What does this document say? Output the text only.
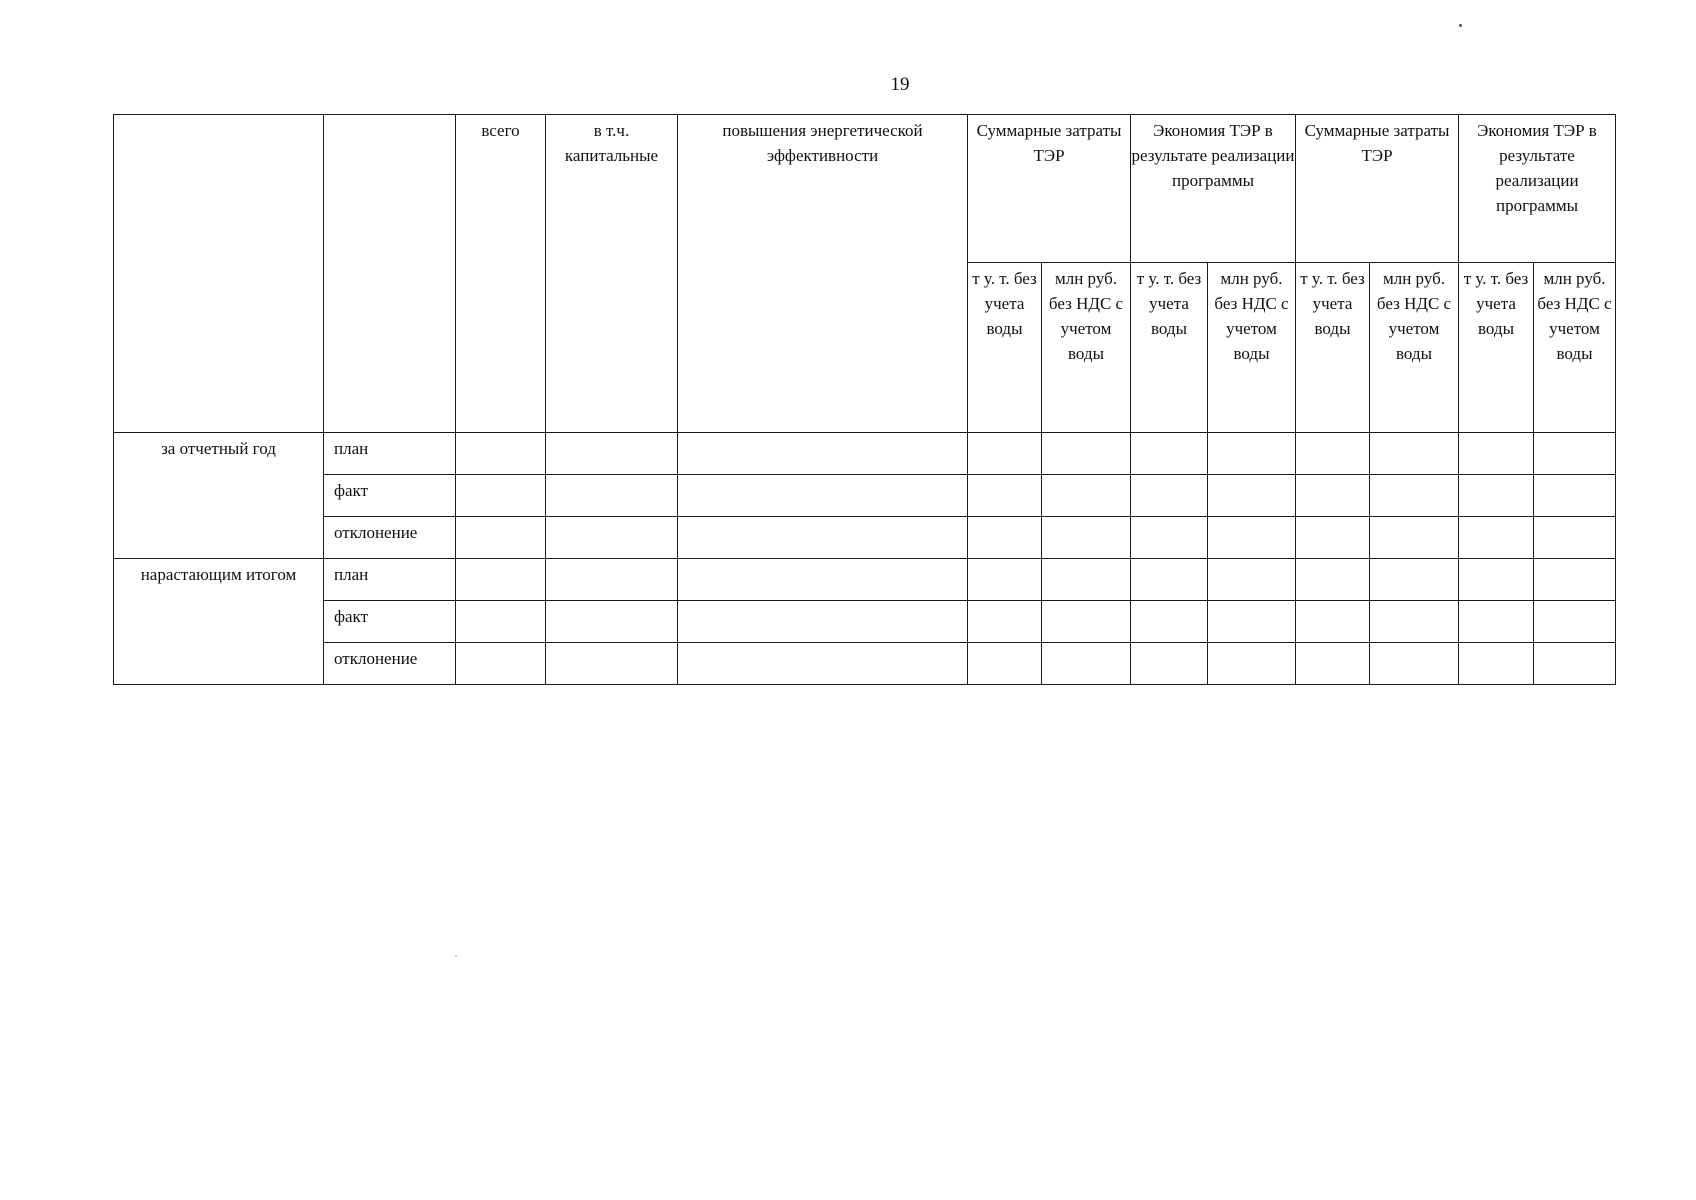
19
		всего	в т.ч. капитальные	повышения энергетической эффективности	Суммарные затраты ТЭР		Экономия ТЭР в результате реализации программы		Суммарные затраты ТЭР		Экономия ТЭР в результате реализации программы	
					т у. т. без учета воды	млн руб. без НДС с учетом воды	т у. т. без учета воды	млн руб. без НДС с учетом воды	т у. т. без учета воды	млн руб. без НДС с учетом воды	т у. т. без учета воды	млн руб. без НДС с учетом воды
за отчетный год	план											
	факт											
	отклонение											
нарастающим итогом	план											
	факт											
	отклонение											
